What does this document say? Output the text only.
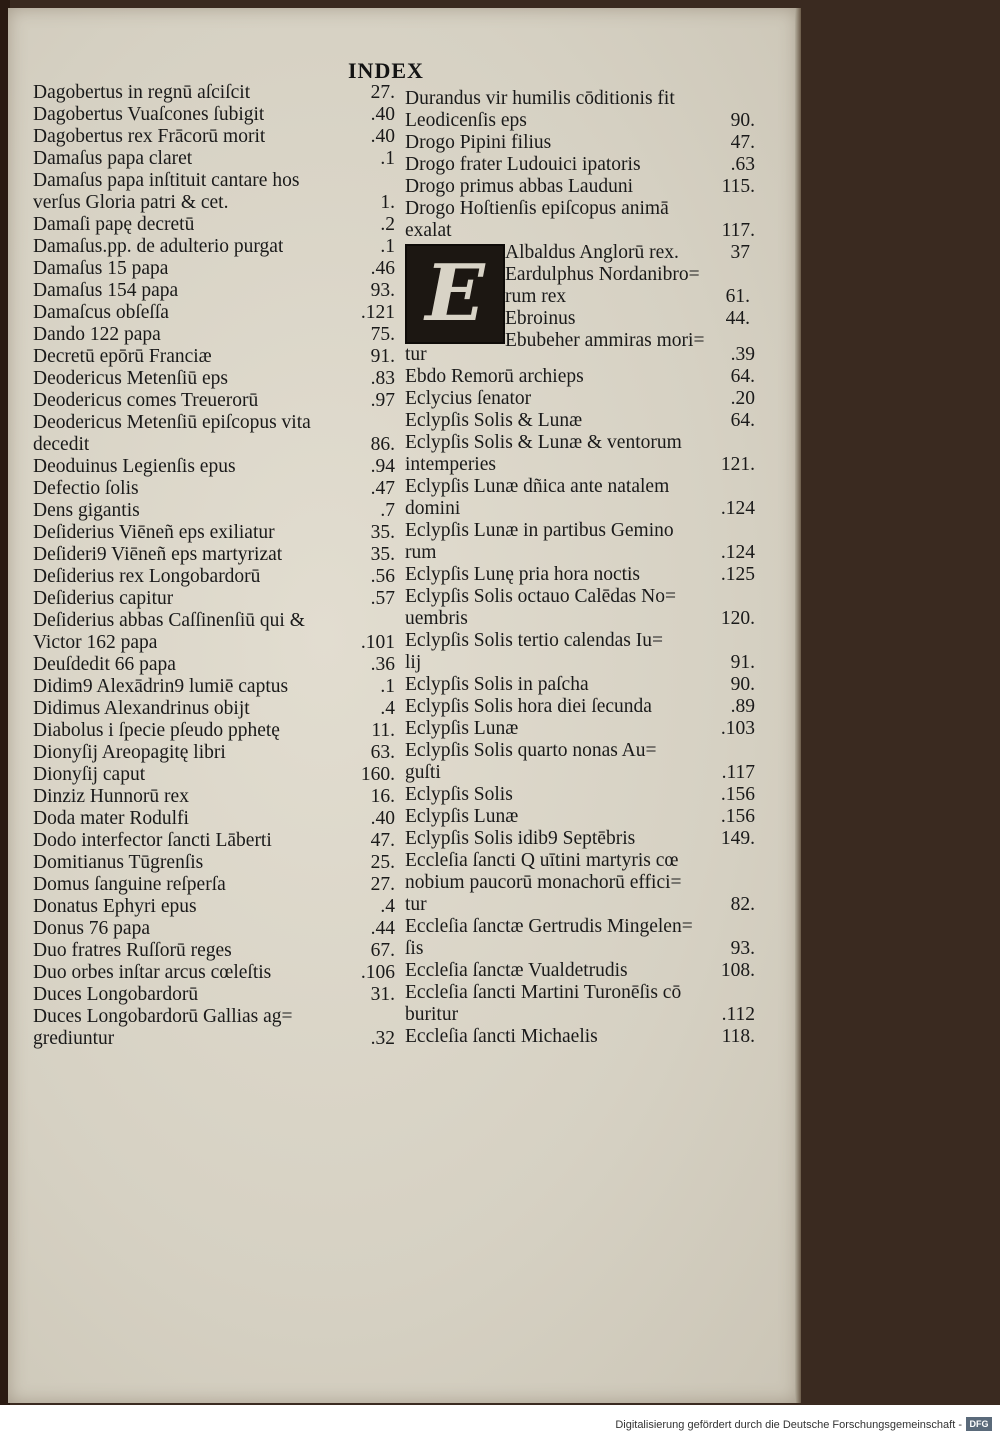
INDEX
Dagobertus in regnū aſciſcit	27.
Dagobertus Vuaſcones ſubigit	.40
Dagobertus rex Frācorū morit	.40
Damaſus papa claret	.1
Damaſus papa inſtituit cantare hos
verſus Gloria patri & cet.	1.
Damaſi papę decretū	.2
Damaſus.pp. de adulterio purgat	.1
Damaſus 15 papa	.46
Damaſus 154 papa	93.
Damaſcus obſeſſa	.121
Dando 122 papa	75.
Decretū epōrū Franciæ	91.
Deodericus Metenſiū eps	.83
Deodericus comes Treuerorū	.97
Deodericus Metenſiū epiſcopus vita
decedit	86.
Deoduinus Legienſis epus	.94
Defectio ſolis	.47
Dens gigantis	.7
Deſiderius Viēneñ eps exiliatur	35.
Deſideri9 Viēneñ eps martyrizat	35.
Deſiderius rex Longobardorū	.56
Deſiderius capitur	.57
Deſiderius abbas Caſſinenſiū qui &
Victor 162 papa	.101
Deuſdedit 66 papa	.36
Didim9 Alexādrin9 lumiē captus	.1
Didimus Alexandrinus obijt	.4
Diabolus i ſpecie pſeudo pphetę	11.
Dionyſij Areopagitę libri	63.
Dionyſij caput	160.
Dinziz Hunnorū rex	16.
Doda mater Rodulfi	.40
Dodo interfector ſancti Lāberti	47.
Domitianus Tūgrenſis	25.
Domus ſanguine reſperſa	27.
Donatus Ephyri epus	.4
Donus 76 papa	.44
Duo fratres Ruſſorū reges	67.
Duo orbes inſtar arcus cœleſtis	.106
Duces Longobardorū	31.
Duces Longobardorū Gallias ag=
grediuntur	.32
Durandus vir humilis cōditionis fit
Leodicenſis eps	90.
Drogo Pipini filius	47.
Drogo frater Ludouici ipatoris	.63
Drogo primus abbas Lauduni	115.
Drogo Hoſtienſis epiſcopus animā
exalat	117.
E Albaldus Anglorū rex.	37
Eardulphus Nordanibro=
rum rex	61.
Ebroinus	44.
Ebubeher ammiras mori=
tur	.39
Ebdo Remorū archieps	64.
Eclycius ſenator	.20
Eclypſis Solis & Lunæ	64.
Eclypſis Solis & Lunæ & ventorum
intemperies	121.
Eclypſis Lunæ dñica ante natalem
domini	.124
Eclypſis Lunæ in partibus Gemino
rum	.124
Eclypſis Lunę pria hora noctis	.125
Eclypſis Solis octauo Calēdas No=
uembris	120.
Eclypſis Solis tertio calendas Iu=
lij	91.
Eclypſis Solis in paſcha	90.
Eclypſis Solis hora diei ſecunda	.89
Eclypſis Lunæ	.103
Eclypſis Solis quarto nonas Au=
guſti	.117
Eclypſis Solis	.156
Eclypſis Lunæ	.156
Eclypſis Solis idib9 Septēbris	149.
Eccleſia ſancti Q uītini martyris cœ
nobium paucorū monachorū effici=
tur	82.
Eccleſia ſanctæ Gertrudis Mingelen=
ſis	93.
Eccleſia ſanctæ Vualdetrudis	108.
Eccleſia ſancti Martini Turonēſis cō
buritur	.112
Eccleſia ſancti Michaelis	118.
Digitalisierung gefördert durch die Deutsche Forschungsgemeinschaft - DFG
